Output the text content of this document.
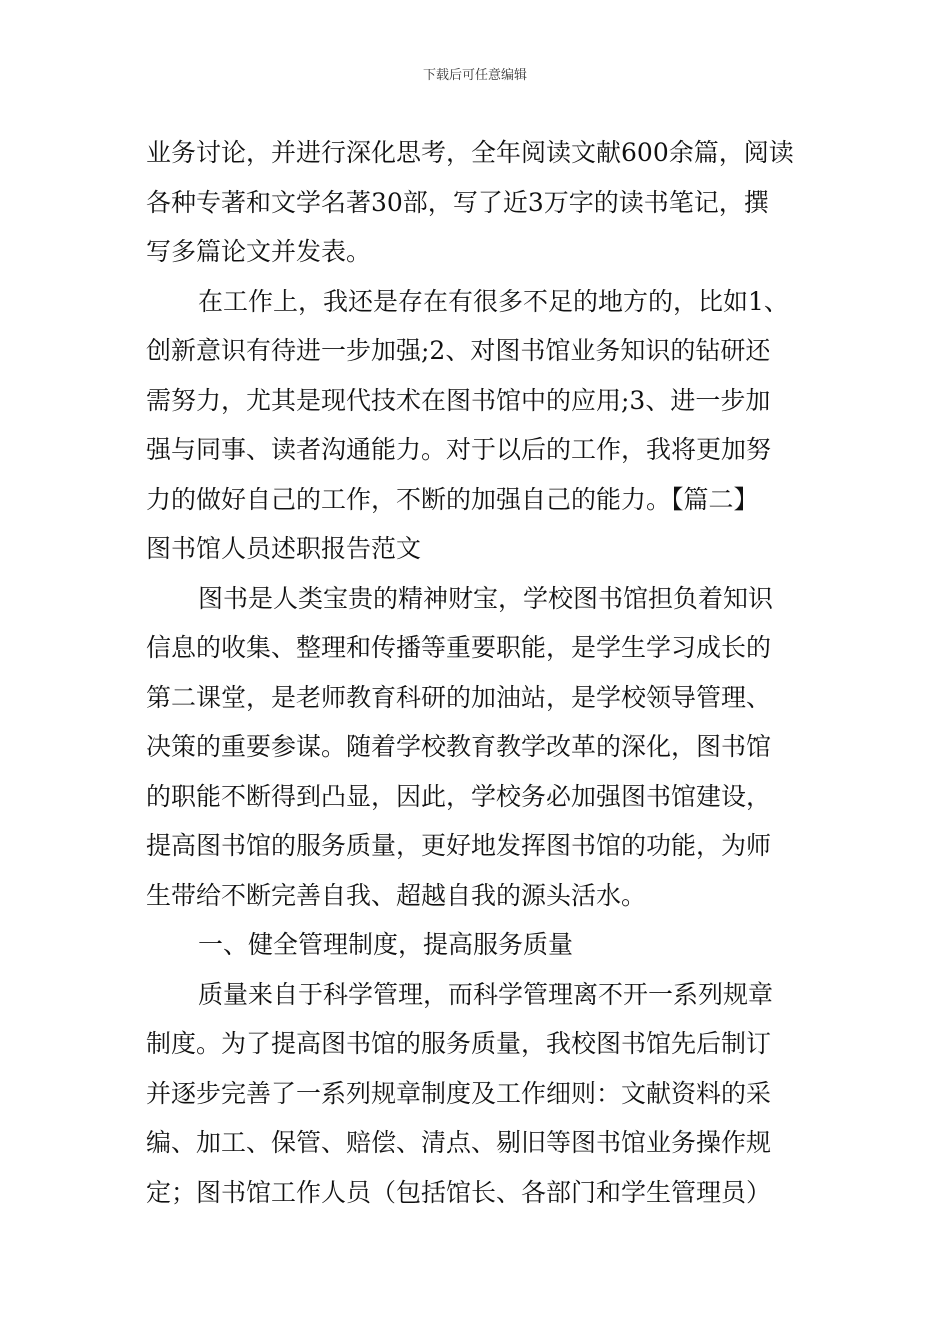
下载后可任意编辑
业务讨论，并进行深化思考，全年阅读文献600余篇，阅读
各种专著和文学名著30部，写了近3万字的读书笔记，撰
写多篇论文并发表。
在工作上，我还是存在有很多不足的地方的，比如1、
创新意识有待进一步加强;2、对图书馆业务知识的钻研还
需努力，尤其是现代技术在图书馆中的应用;3、进一步加
强与同事、读者沟通能力。对于以后的工作，我将更加努
力的做好自己的工作，不断的加强自己的能力。【篇二】
图书馆人员述职报告范文
图书是人类宝贵的精神财宝，学校图书馆担负着知识
信息的收集、整理和传播等重要职能，是学生学习成长的
第二课堂，是老师教育科研的加油站，是学校领导管理、
决策的重要参谋。随着学校教育教学改革的深化，图书馆
的职能不断得到凸显，因此，学校务必加强图书馆建设，
提高图书馆的服务质量，更好地发挥图书馆的功能，为师
生带给不断完善自我、超越自我的源头活水。
一、健全管理制度，提高服务质量
质量来自于科学管理，而科学管理离不开一系列规章
制度。为了提高图书馆的服务质量，我校图书馆先后制订
并逐步完善了一系列规章制度及工作细则：文献资料的采
编、加工、保管、赔偿、清点、剔旧等图书馆业务操作规
定；图书馆工作人员（包括馆长、各部门和学生管理员）
